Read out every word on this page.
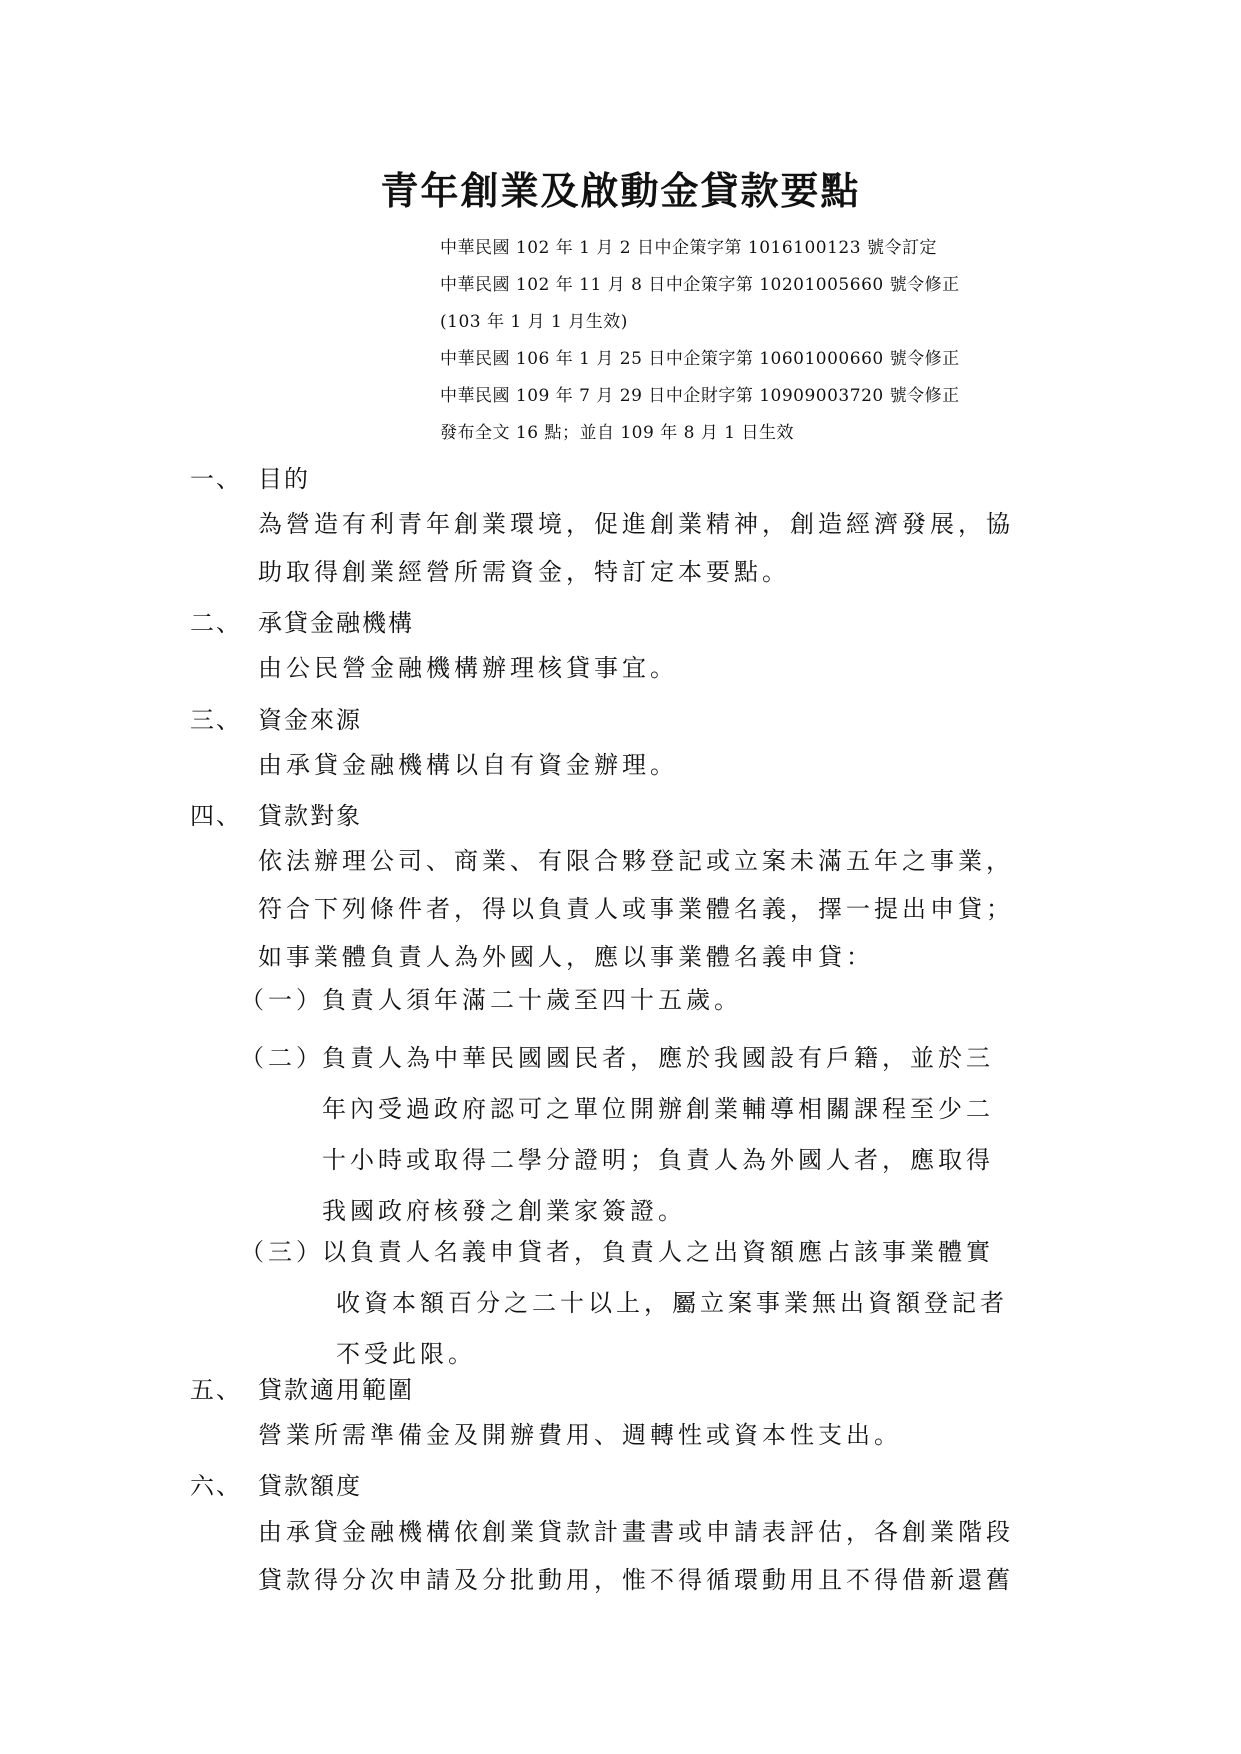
青年創業及啟動金貸款要點
中華民國 102 年 1 月 2 日中企策字第 1016100123 號令訂定
中華民國 102 年 11 月 8 日中企策字第 10201005660 號令修正
(103 年 1 月 1 月生效)
中華民國 106 年 1 月 25 日中企策字第 10601000660 號令修正
中華民國 109 年 7 月 29 日中企財字第 10909003720 號令修正
發布全文 16 點；並自 109 年 8 月 1 日生效
一、 目的
為營造有利青年創業環境，促進創業精神，創造經濟發展，協
助取得創業經營所需資金，特訂定本要點。
二、 承貸金融機構
由公民營金融機構辦理核貸事宜。
三、 資金來源
由承貸金融機構以自有資金辦理。
四、 貸款對象
依法辦理公司、商業、有限合夥登記或立案未滿五年之事業，
符合下列條件者，得以負責人或事業體名義，擇一提出申貸；
如事業體負責人為外國人，應以事業體名義申貸：
（一）負責人須年滿二十歲至四十五歲。
（二）負責人為中華民國國民者，應於我國設有戶籍，並於三
年內受過政府認可之單位開辦創業輔導相關課程至少二
十小時或取得二學分證明；負責人為外國人者，應取得
我國政府核發之創業家簽證。
（三）以負責人名義申貸者，負責人之出資額應占該事業體實
收資本額百分之二十以上，屬立案事業無出資額登記者
不受此限。
五、 貸款適用範圍
營業所需準備金及開辦費用、週轉性或資本性支出。
六、 貸款額度
由承貸金融機構依創業貸款計畫書或申請表評估，各創業階段
貸款得分次申請及分批動用，惟不得循環動用且不得借新還舊
